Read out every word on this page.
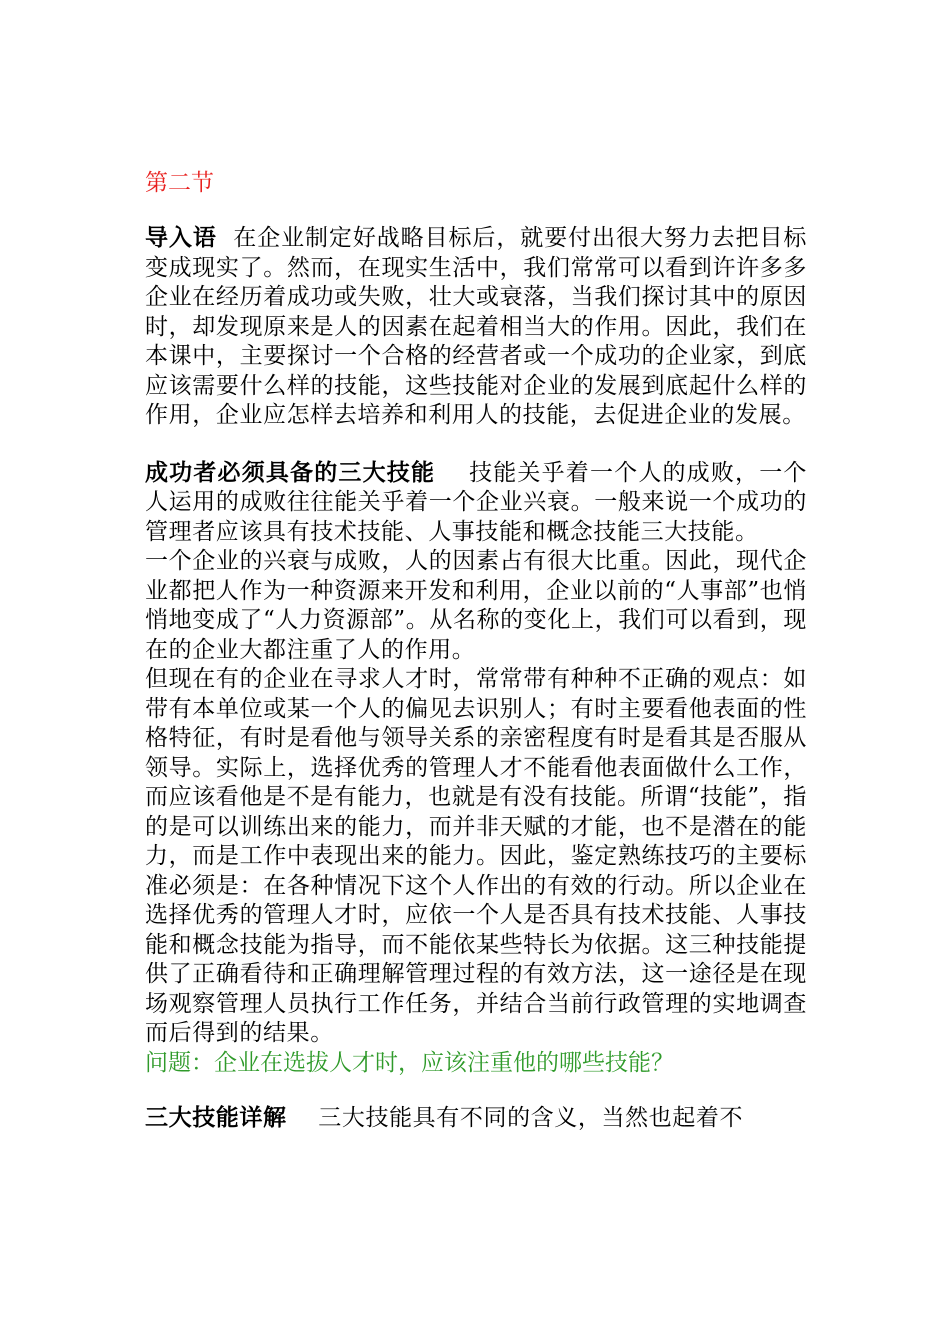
第二节

导入语 在企业制定好战略目标后，就要付出很大努力去把目标变成现实了。然而，在现实生活中，我们常常可以看到许许多多企业在经历着成功或失败，壮大或衰落，当我们探讨其中的原因时，却发现原来是人的因素在起着相当大的作用。因此，我们在本课中，主要探讨一个合格的经营者或一个成功的企业家，到底应该需要什么样的技能，这些技能对企业的发展到底起什么样的作用，企业应怎样去培养和利用人的技能，去促进企业的发展。

成功者必须具备的三大技能 技能关乎着一个人的成败，一个人运用的成败往往能关乎着一个企业兴衰。一般来说一个成功的管理者应该具有技术技能、人事技能和概念技能三大技能。

一个企业的兴衰与成败，人的因素占有很大比重。因此，现代企业都把人作为一种资源来开发和利用，企业以前的“人事部”也悄悄地变成了“人力资源部”。从名称的变化上，我们可以看到，现在的企业大都注重了人的作用。

但现在有的企业在寻求人才时，常常带有种种不正确的观点：如带有本单位或某一个人的偏见去识别人；有时主要看他表面的性格特征，有时是看他与领导关系的亲密程度有时是看其是否服从领导。实际上，选择优秀的管理人才不能看他表面做什么工作，而应该看他是不是有能力，也就是有没有技能。所谓“技能”，指的是可以训练出来的能力，而并非天赋的才能，也不是潜在的能力，而是工作中表现出来的能力。因此，鉴定熟练技巧的主要标准必须是：在各种情况下这个人作出的有效的行动。所以企业在选择优秀的管理人才时，应依一个人是否具有技术技能、人事技能和概念技能为指导，而不能依某些特长为依据。这三种技能提供了正确看待和正确理解管理过程的有效方法，这一途径是在现场观察管理人员执行工作任务，并结合当前行政管理的实地调查而后得到的结果。

问题：企业在选拔人才时，应该注重他的哪些技能？

三大技能详解 三大技能具有不同的含义，当然也起着不
